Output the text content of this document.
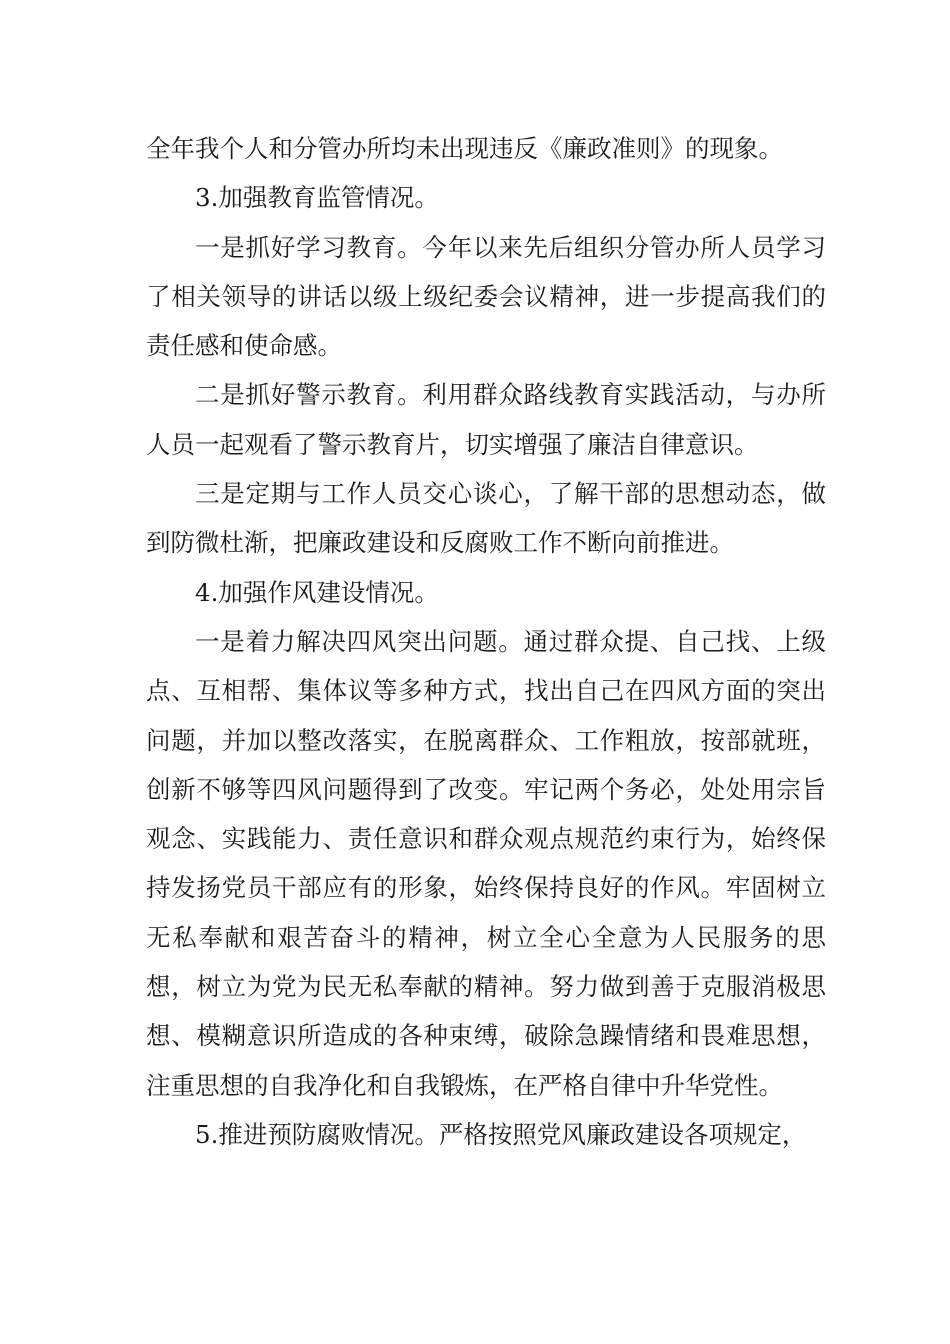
全年我个人和分管办所均未出现违反《廉政准则》的现象。

3.加强教育监管情况。

一是抓好学习教育。今年以来先后组织分管办所人员学习了相关领导的讲话以级上级纪委会议精神，进一步提高我们的责任感和使命感。

二是抓好警示教育。利用群众路线教育实践活动，与办所人员一起观看了警示教育片，切实增强了廉洁自律意识。

三是定期与工作人员交心谈心，了解干部的思想动态，做到防微杜渐，把廉政建设和反腐败工作不断向前推进。

4.加强作风建设情况。

一是着力解决四风突出问题。通过群众提、自己找、上级点、互相帮、集体议等多种方式，找出自己在四风方面的突出问题，并加以整改落实，在脱离群众、工作粗放，按部就班，创新不够等四风问题得到了改变。牢记两个务必，处处用宗旨观念、实践能力、责任意识和群众观点规范约束行为，始终保持发扬党员干部应有的形象，始终保持良好的作风。牢固树立无私奉献和艰苦奋斗的精神，树立全心全意为人民服务的思想，树立为党为民无私奉献的精神。努力做到善于克服消极思想、模糊意识所造成的各种束缚，破除急躁情绪和畏难思想，注重思想的自我净化和自我锻炼，在严格自律中升华党性。

5.推进预防腐败情况。严格按照党风廉政建设各项规定，
